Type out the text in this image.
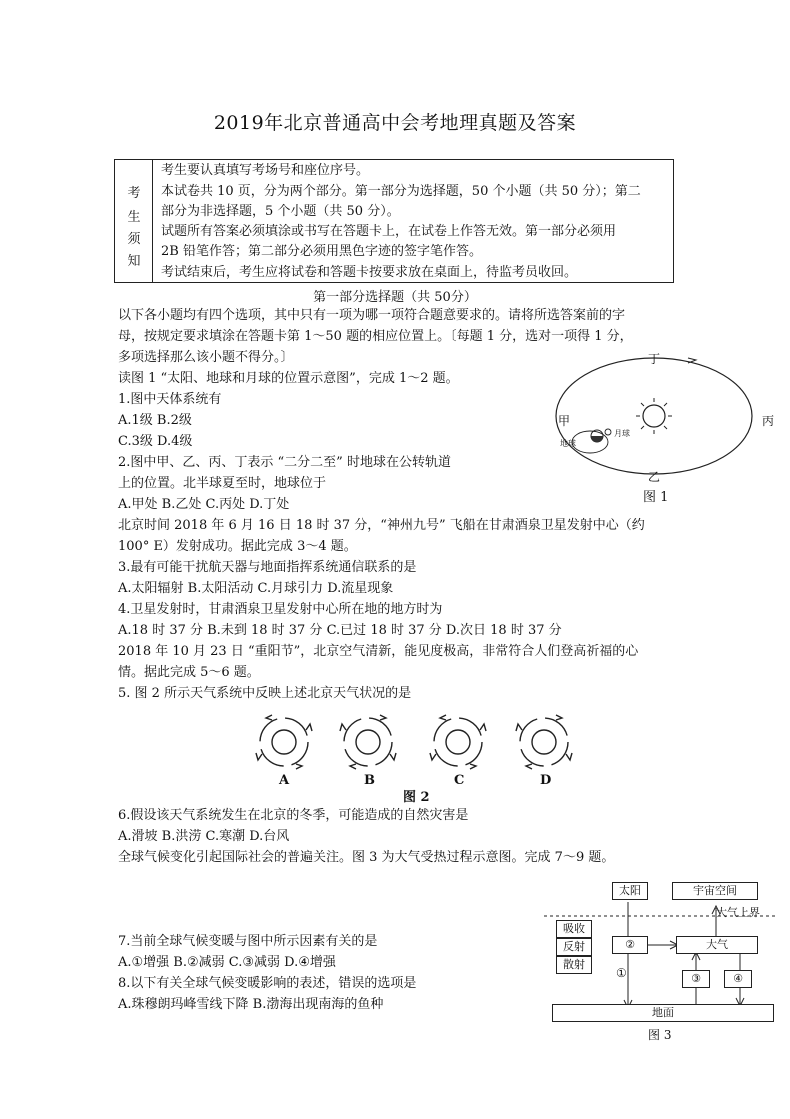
2019年北京普通高中会考地理真题及答案
考
生
须
知
考生要认真填写考场号和座位序号。
本试卷共 10 页，分为两个部分。第一部分为选择题，50 个小题（共 50 分）；第二
部分为非选择题，5 个小题（共 50 分）。
试题所有答案必须填涂或书写在答题卡上，在试卷上作答无效。第一部分必须用
2B 铅笔作答；第二部分必须用黑色字迹的签字笔作答。
考试结束后，考生应将试卷和答题卡按要求放在桌面上，待监考员收回。
第一部分选择题（共 50分）
以下各小题均有四个选项，其中只有一项为哪一项符合题意要求的。请将所选答案前的字
母，按规定要求填涂在答题卡第 1～50 题的相应位置上。〔每题 1 分，选对一项得 1 分，
多项选择那么该小题不得分。〕
读图 1 “太阳、地球和月球的位置示意图”，完成 1～2 题。
1.图中天体系统有
A.1级 B.2级
C.3级 D.4级
2.图中甲、乙、丙、丁表示 “二分二至” 时地球在公转轨道
上的位置。北半球夏至时，地球位于
A.甲处 B.乙处 C.丙处 D.丁处
北京时间 2018 年 6 月 16 日 18 时 37 分，“神州九号” 飞船在甘肃酒泉卫星发射中心（约
100° E）发射成功。据此完成 3～4 题。
3.最有可能干扰航天器与地面指挥系统通信联系的是
A.太阳辐射 B.太阳活动 C.月球引力 D.流星现象
4.卫星发射时，甘肃酒泉卫星发射中心所在地的地方时为
A.18 时 37 分 B.未到 18 时 37 分 C.已过 18 时 37 分 D.次日 18 时 37 分
2018 年 10 月 23 日 “重阳节”，北京空气清新，能见度极高，非常符合人们登高祈福的心
情。据此完成 5～6 题。
5. 图 2 所示天气系统中反映上述北京天气状况的是
6.假设该天气系统发生在北京的冬季，可能造成的自然灾害是
A.滑坡 B.洪涝 C.寒潮 D.台风
全球气候变化引起国际社会的普遍关注。图 3 为大气受热过程示意图。完成 7～9 题。
7.当前全球气候变暖与图中所示因素有关的是
A.①增强 B.②减弱 C.③减弱 D.④增强
8.以下有关全球气候变暖影响的表述，错误的选项是
A.珠穆朗玛峰雪线下降 B.渤海出现南海的鱼种
丁
甲	丙
乙
地球
月球
图 1
A	B	C	D
图 2
太阳	宇宙空间
大气上界
吸收
反射
散射
②	大气
①	③	④
地面
图 3
